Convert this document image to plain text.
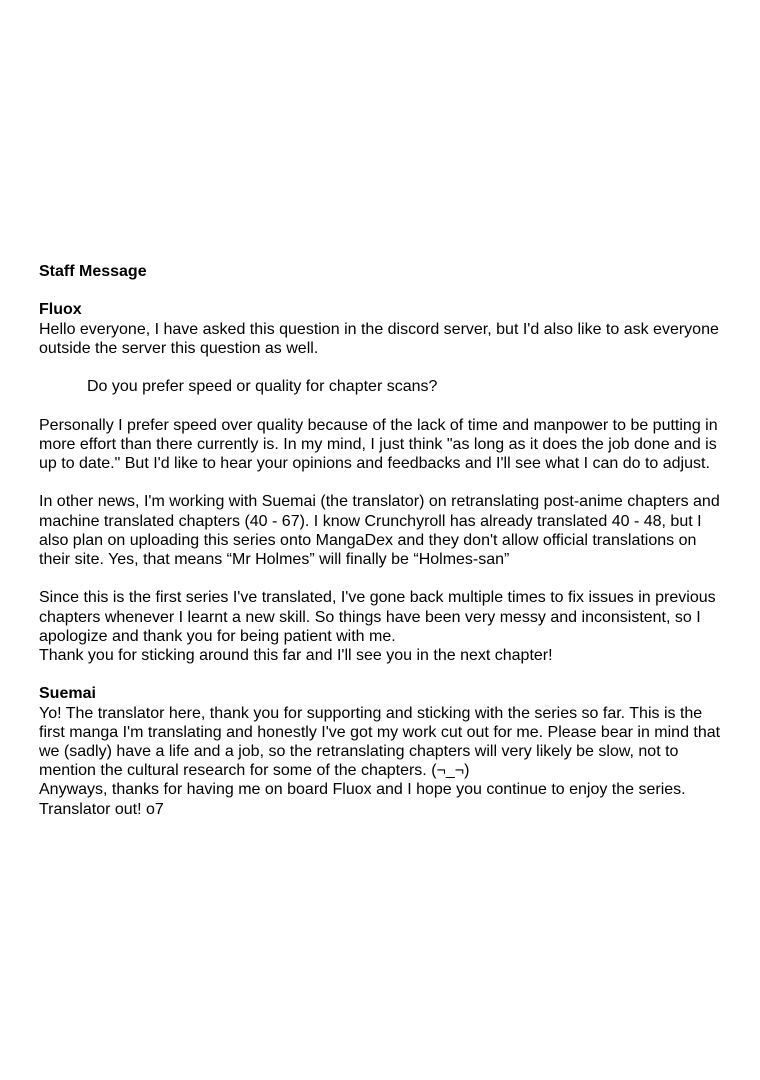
Staff Message

Fluox

Hello everyone, I have asked this question in the discord server, but I'd also like to ask everyone outside the server this question as well.

Do you prefer speed or quality for chapter scans?

Personally I prefer speed over quality because of the lack of time and manpower to be putting in more effort than there currently is. In my mind, I just think "as long as it does the job done and is up to date." But I'd like to hear your opinions and feedbacks and I'll see what I can do to adjust.

In other news, I'm working with Suemai (the translator) on retranslating post-anime chapters and machine translated chapters (40 - 67). I know Crunchyroll has already translated 40 - 48, but I also plan on uploading this series onto MangaDex and they don't allow official translations on their site. Yes, that means “Mr Holmes” will finally be “Holmes-san”

Since this is the first series I've translated, I've gone back multiple times to fix issues in previous chapters whenever I learnt a new skill. So things have been very messy and inconsistent, so I apologize and thank you for being patient with me.

Thank you for sticking around this far and I'll see you in the next chapter!

Suemai

Yo! The translator here, thank you for supporting and sticking with the series so far. This is the first manga I'm translating and honestly I've got my work cut out for me. Please bear in mind that we (sadly) have a life and a job, so the retranslating chapters will very likely be slow, not to mention the cultural research for some of the chapters. (¬_¬)

Anyways, thanks for having me on board Fluox and I hope you continue to enjoy the series.

Translator out! o7
